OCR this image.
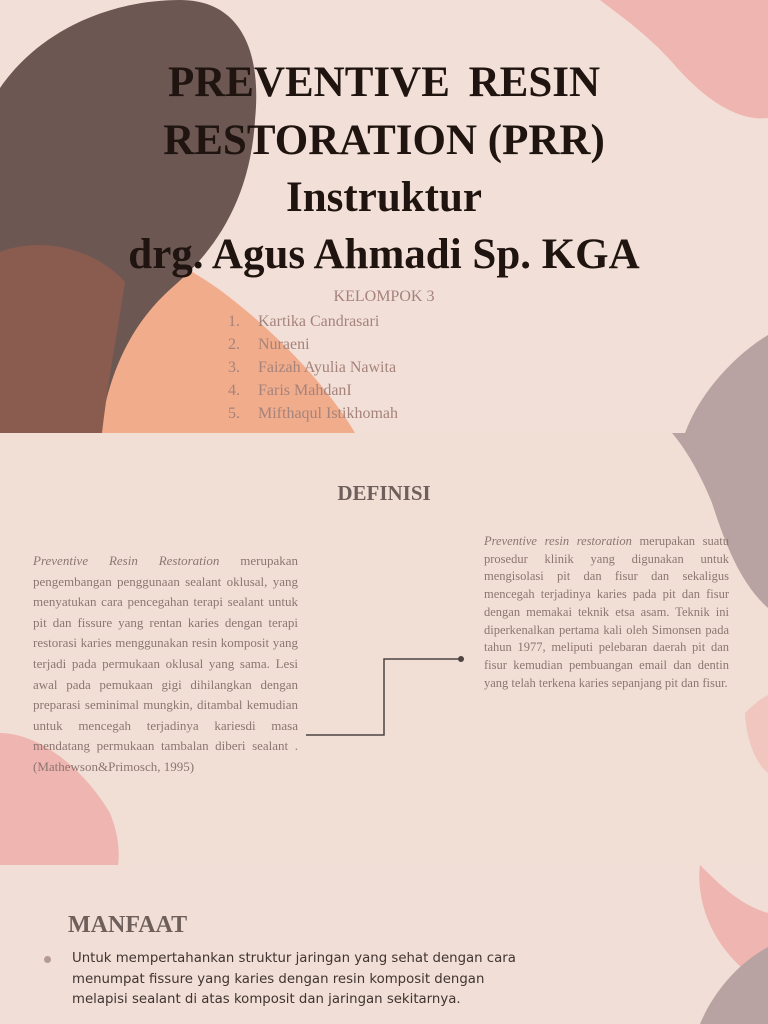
PREVENTIVE RESIN
RESTORATION (PRR)
Instruktur
drg. Agus Ahmadi Sp. KGA
KELOMPOK 3
1. Kartika Candrasari
2. Nuraeni
3. Faizah Ayulia Nawita
4. Faris MahdanI
5. Mifthaqul Istikhomah
DEFINISI
Preventive Resin Restoration merupakan pengembangan penggunaan sealant oklusal, yang menyatukan cara pencegahan terapi sealant untuk pit dan fissure yang rentan karies dengan terapi restorasi karies menggunakan resin komposit yang terjadi pada permukaan oklusal yang sama. Lesi awal pada pemukaan gigi dihilangkan dengan preparasi seminimal mungkin, ditambal kemudian untuk mencegah terjadinya kariesdi masa mendatang permukaan tambalan diberi sealant . (Mathewson&Primosch, 1995)
Preventive resin restoration merupakan suatu prosedur klinik yang digunakan untuk mengisolasi pit dan fisur dan sekaligus mencegah terjadinya karies pada pit dan fisur dengan memakai teknik etsa asam. Teknik ini diperkenalkan pertama kali oleh Simonsen pada tahun 1977, meliputi pelebaran daerah pit dan fisur kemudian pembuangan email dan dentin yang telah terkena karies sepanjang pit dan fisur.
MANFAAT
Untuk mempertahankan struktur jaringan yang sehat dengan cara menumpat fissure yang karies dengan resin komposit dengan melapisi sealant di atas komposit dan jaringan sekitarnya.
